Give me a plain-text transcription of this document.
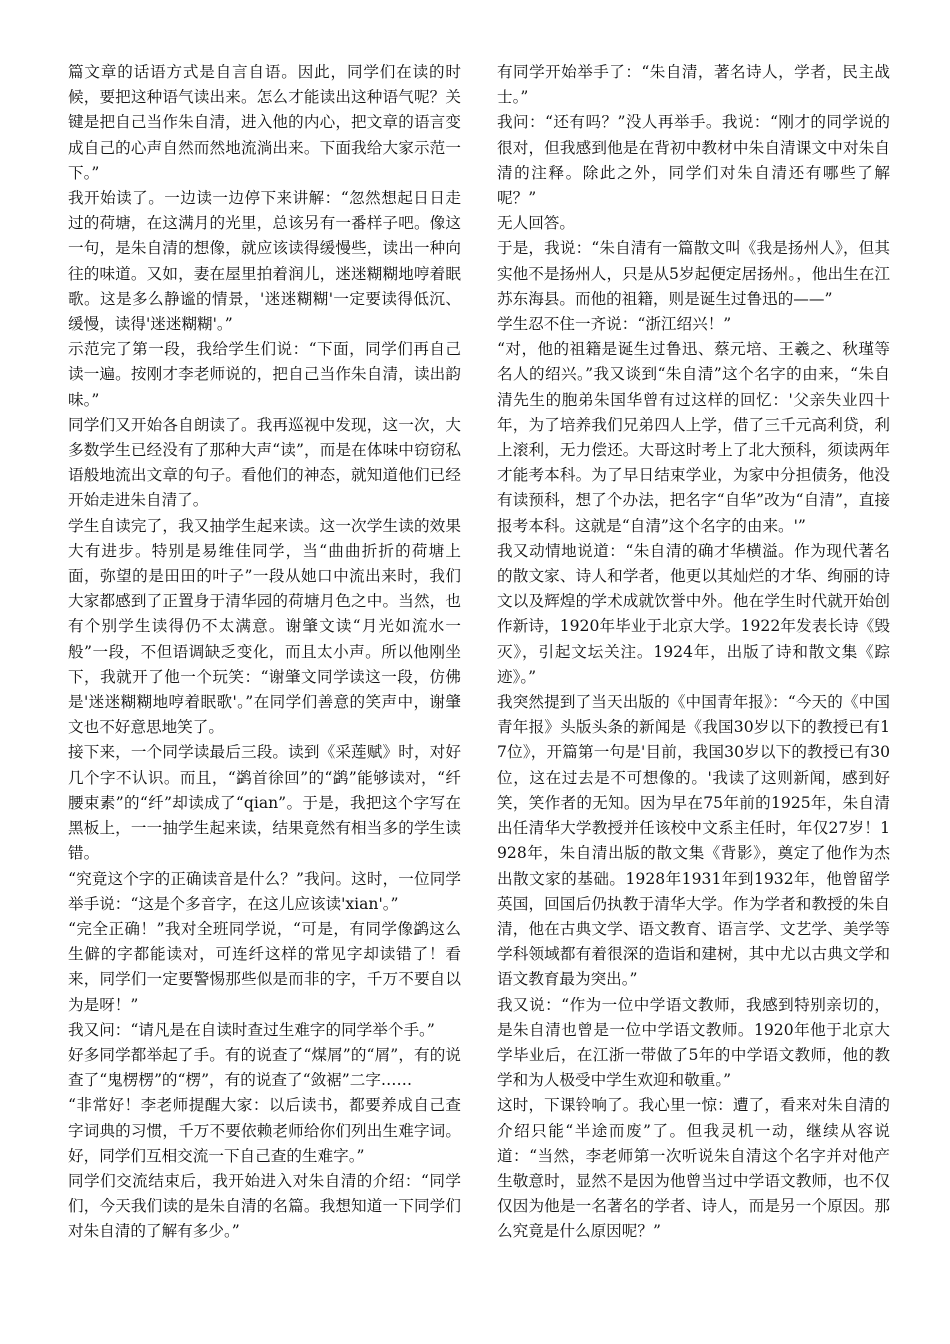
篇文章的话语方式是自言自语。因此，同学们在读的时候，要把这种语气读出来。怎么才能读出这种语气呢？关键是把自己当作朱自清，进入他的内心，把文章的语言变成自己的心声自然而然地流淌出来。下面我给大家示范一下。”

我开始读了。一边读一边停下来讲解：“忽然想起日日走过的荷塘，在这满月的光里，总该另有一番样子吧。像这一句，是朱自清的想像，就应该读得缓慢些，读出一种向往的味道。又如，妻在屋里拍着润儿，迷迷糊糊地哼着眠歌。这是多么静谧的情景，'迷迷糊糊'一定要读得低沉、缓慢，读得'迷迷糊糊'。”

示范完了第一段，我给学生们说：“下面，同学们再自己读一遍。按刚才李老师说的，把自己当作朱自清，读出韵味。”

同学们又开始各自朗读了。我再巡视中发现，这一次，大多数学生已经没有了那种大声“读”，而是在体味中窃窃私语般地流出文章的句子。看他们的神态，就知道他们已经开始走进朱自清了。

学生自读完了，我又抽学生起来读。这一次学生读的效果大有进步。特别是易维佳同学，当“曲曲折折的荷塘上面，弥望的是田田的叶子”一段从她口中流出来时，我们大家都感到了正置身于清华园的荷塘月色之中。当然，也有个别学生读得仍不太满意。谢肇文读“月光如流水一般”一段，不但语调缺乏变化，而且太小声。所以他刚坐下，我就开了他一个玩笑：“谢肇文同学读这一段，仿佛是'迷迷糊糊地哼着眠歌'。”在同学们善意的笑声中，谢肇文也不好意思地笑了。

接下来，一个同学读最后三段。读到《采莲赋》时，对好几个字不认识。而且，“鹢首徐回”的“鹢”能够读对，“纤腰束素”的“纤”却读成了“qian”。于是，我把这个字写在黑板上，一一抽学生起来读，结果竟然有相当多的学生读错。

“究竟这个字的正确读音是什么？”我问。这时，一位同学举手说：“这是个多音字，在这儿应该读'xian'。”

“完全正确！”我对全班同学说，“可是，有同学像鹢这么生僻的字都能读对，可连纤这样的常见字却读错了！看来，同学们一定要警惕那些似是而非的字，千万不要自以为是呀！”

我又问：“请凡是在自读时查过生难字的同学举个手。”

好多同学都举起了手。有的说查了“煤屑”的“屑”，有的说查了“鬼楞楞”的“楞”，有的说查了“敛裾”二字……

“非常好！李老师提醒大家：以后读书，都要养成自己查字词典的习惯，千万不要依赖老师给你们列出生难字词。好，同学们互相交流一下自己查的生难字。”

同学们交流结束后，我开始进入对朱自清的介绍：“同学们，今天我们读的是朱自清的名篇。我想知道一下同学们对朱自清的了解有多少。”

有同学开始举手了：“朱自清，著名诗人，学者，民主战士。”

我问：“还有吗？”没人再举手。我说：“刚才的同学说的很对，但我感到他是在背初中教材中朱自清课文中对朱自清的注释。除此之外，同学们对朱自清还有哪些了解呢？”

无人回答。

于是，我说：“朱自清有一篇散文叫《我是扬州人》，但其实他不是扬州人，只是从5岁起便定居扬州。，他出生在江苏东海县。而他的祖籍，则是诞生过鲁迅的——”

学生忍不住一齐说：“浙江绍兴！”

“对，他的祖籍是诞生过鲁迅、蔡元培、王羲之、秋瑾等名人的绍兴。”我又谈到“朱自清”这个名字的由来，“朱自清先生的胞弟朱国华曾有过这样的回忆：'父亲失业四十年，为了培养我们兄弟四人上学，借了三千元高利贷，利上滚利，无力偿还。大哥这时考上了北大预科，须读两年才能考本科。为了早日结束学业，为家中分担债务，他没有读预科，想了个办法，把名字“自华”改为“自清”，直接报考本科。这就是“自清”这个名字的由来。'”

我又动情地说道：“朱自清的确才华横溢。作为现代著名的散文家、诗人和学者，他更以其灿烂的才华、绚丽的诗文以及辉煌的学术成就饮誉中外。他在学生时代就开始创作新诗，1920年毕业于北京大学。1922年发表长诗《毁灭》，引起文坛关注。1924年，出版了诗和散文集《踪迹》。”

我突然提到了当天出版的《中国青年报》：“今天的《中国青年报》头版头条的新闻是《我国30岁以下的教授已有17位》，开篇第一句是'目前，我国30岁以下的教授已有30位，这在过去是不可想像的。'我读了这则新闻，感到好笑，笑作者的无知。因为早在75年前的1925年，朱自清出任清华大学教授并任该校中文系主任时，年仅27岁！1928年，朱自清出版的散文集《背影》，奠定了他作为杰出散文家的基础。1928年1931年到1932年，他曾留学英国，回国后仍执教于清华大学。作为学者和教授的朱自清，他在古典文学、语文教育、语言学、文艺学、美学等学科领域都有着很深的造诣和建树，其中尤以古典文学和语文教育最为突出。”

我又说：“作为一位中学语文教师，我感到特别亲切的，是朱自清也曾是一位中学语文教师。1920年他于北京大学毕业后，在江浙一带做了5年的中学语文教师，他的教学和为人极受中学生欢迎和敬重。”

这时，下课铃响了。我心里一惊：遭了，看来对朱自清的介绍只能“半途而废”了。但我灵机一动，继续从容说道：“当然，李老师第一次听说朱自清这个名字并对他产生敬意时，显然不是因为他曾当过中学语文教师，也不仅仅因为他是一名著名的学者、诗人，而是另一个原因。那么究竟是什么原因呢？”
